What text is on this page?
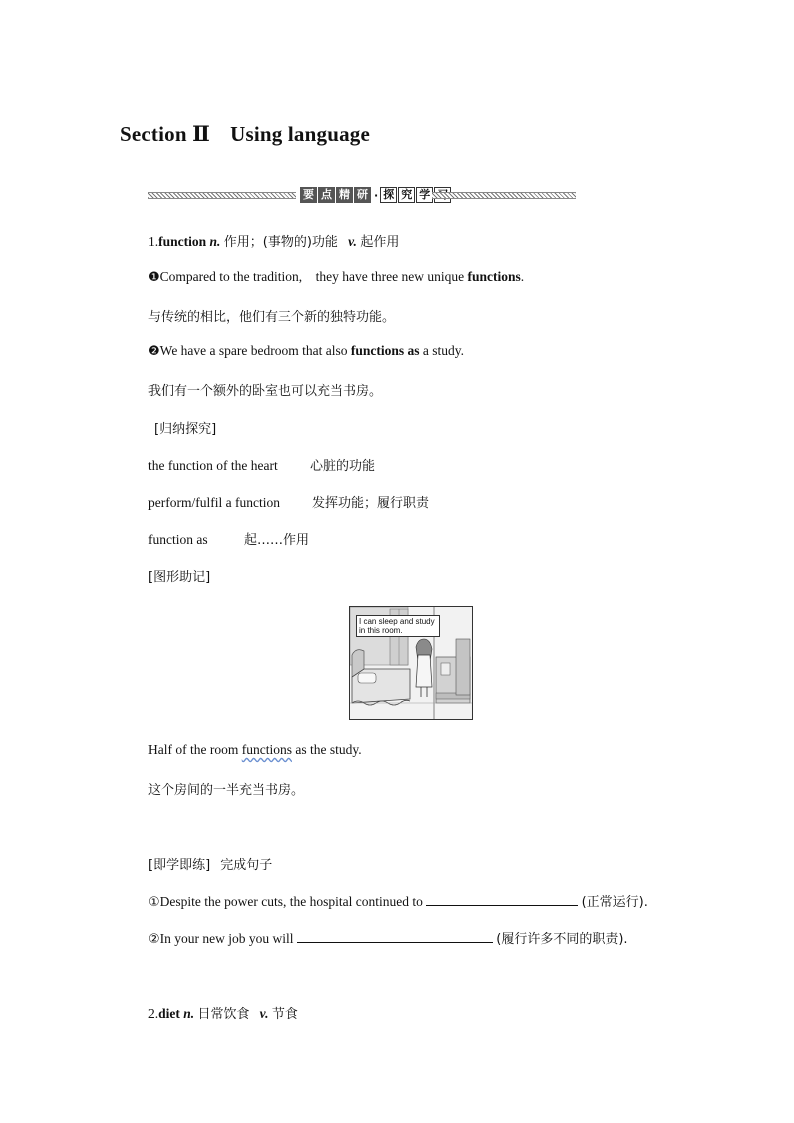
Section Ⅱ Using language
要 点 精 研 · 探 究 学
1.function n. 作用；(事物的)功能 v. 起作用
❶Compared to the tradition, they have three new unique functions.
与传统的相比，他们有三个新的独特功能。
❷We have a spare bedroom that also functions as a study.
我们有一个额外的卧室也可以充当书房。
[归纳探究]
the function of the heart 心脏的功能
perform/fulfil a function 发挥功能；履行职责
function as	起……作用
[图形助记]
I can sleep and study in this room.
Half of the room functions as the study.
这个房间的一半充当书房。
[即学即练] 完成句子
①Despite the power cuts, the hospital continued to	(正常运行).
②In your new job you will	(履行许多不同的职责).
2.diet n. 日常饮食 v. 节食
